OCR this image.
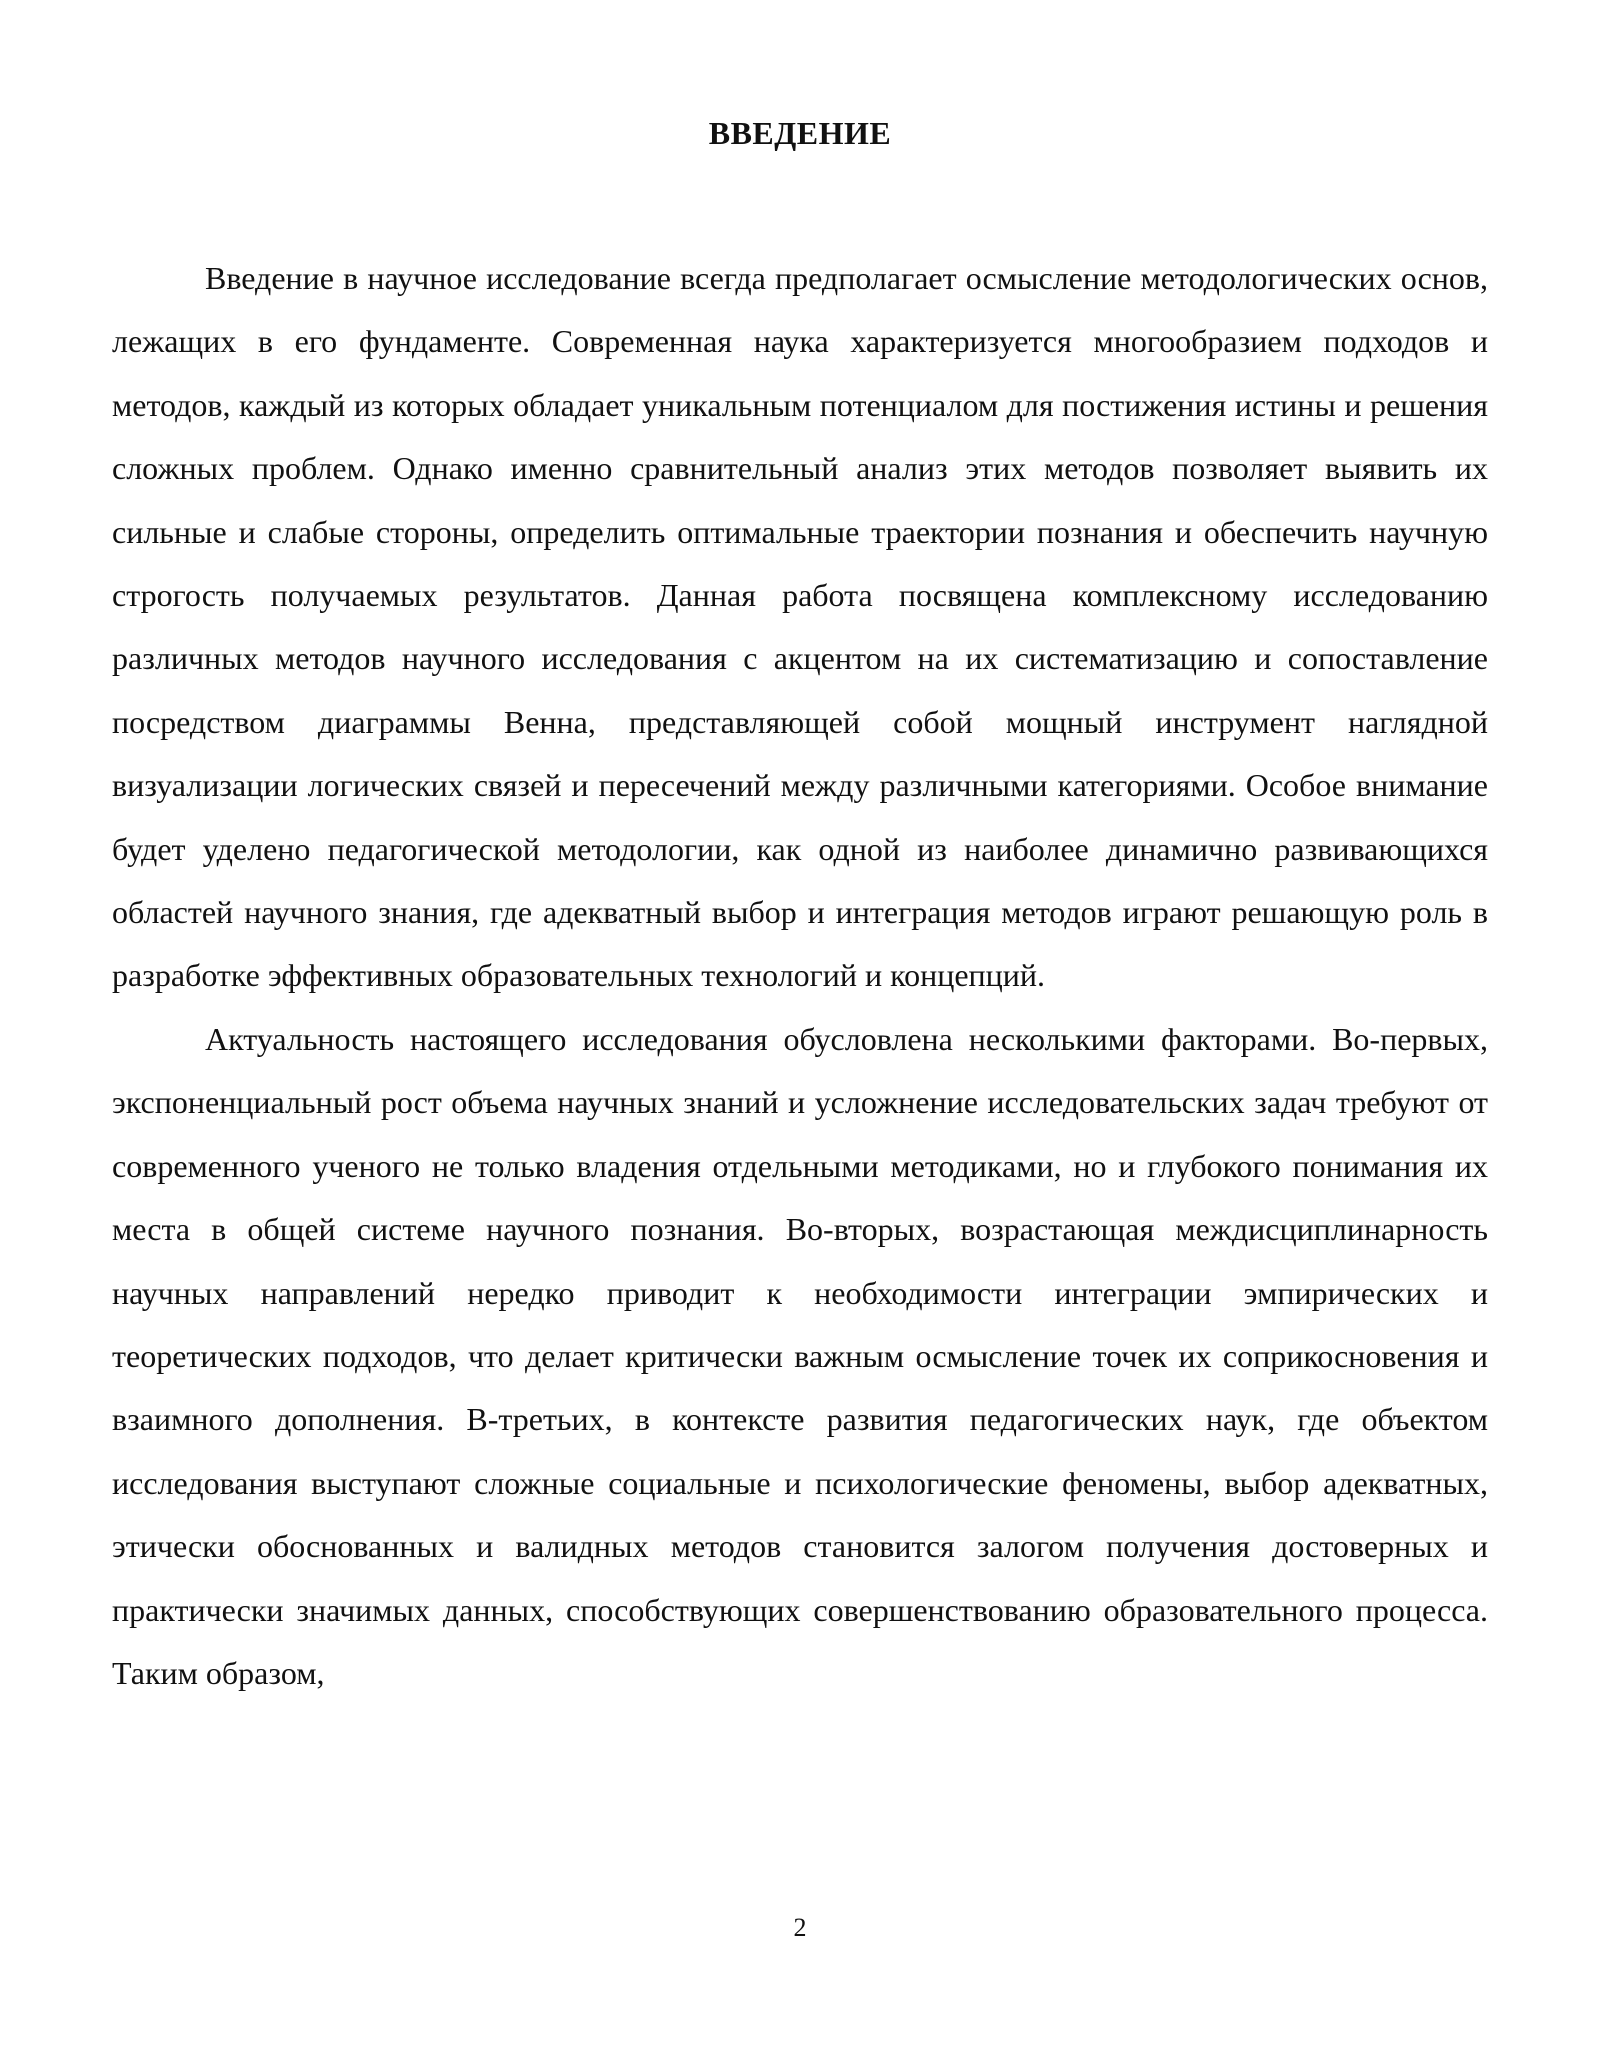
ВВЕДЕНИЕ

Введение в научное исследование всегда предполагает осмысление методологических основ, лежащих в его фундаменте. Современная наука характеризуется многообразием подходов и методов, каждый из которых обладает уникальным потенциалом для постижения истины и решения сложных проблем. Однако именно сравнительный анализ этих методов позволяет выявить их сильные и слабые стороны, определить оптимальные траектории познания и обеспечить научную строгость получаемых результатов. Данная работа посвящена комплексному исследованию различных методов научного исследования с акцентом на их систематизацию и сопоставление посредством диаграммы Венна, представляющей собой мощный инструмент наглядной визуализации логических связей и пересечений между различными категориями. Особое внимание будет уделено педагогической методологии, как одной из наиболее динамично развивающихся областей научного знания, где адекватный выбор и интеграция методов играют решающую роль в разработке эффективных образовательных технологий и концепций.

Актуальность настоящего исследования обусловлена несколькими факторами. Во-первых, экспоненциальный рост объема научных знаний и усложнение исследовательских задач требуют от современного ученого не только владения отдельными методиками, но и глубокого понимания их места в общей системе научного познания. Во-вторых, возрастающая междисциплинарность научных направлений нередко приводит к необходимости интеграции эмпирических и теоретических подходов, что делает критически важным осмысление точек их соприкосновения и взаимного дополнения. В-третьих, в контексте развития педагогических наук, где объектом исследования выступают сложные социальные и психологические феномены, выбор адекватных, этически обоснованных и валидных методов становится залогом получения достоверных и практически значимых данных, способствующих совершенствованию образовательного процесса. Таким образом,

2
